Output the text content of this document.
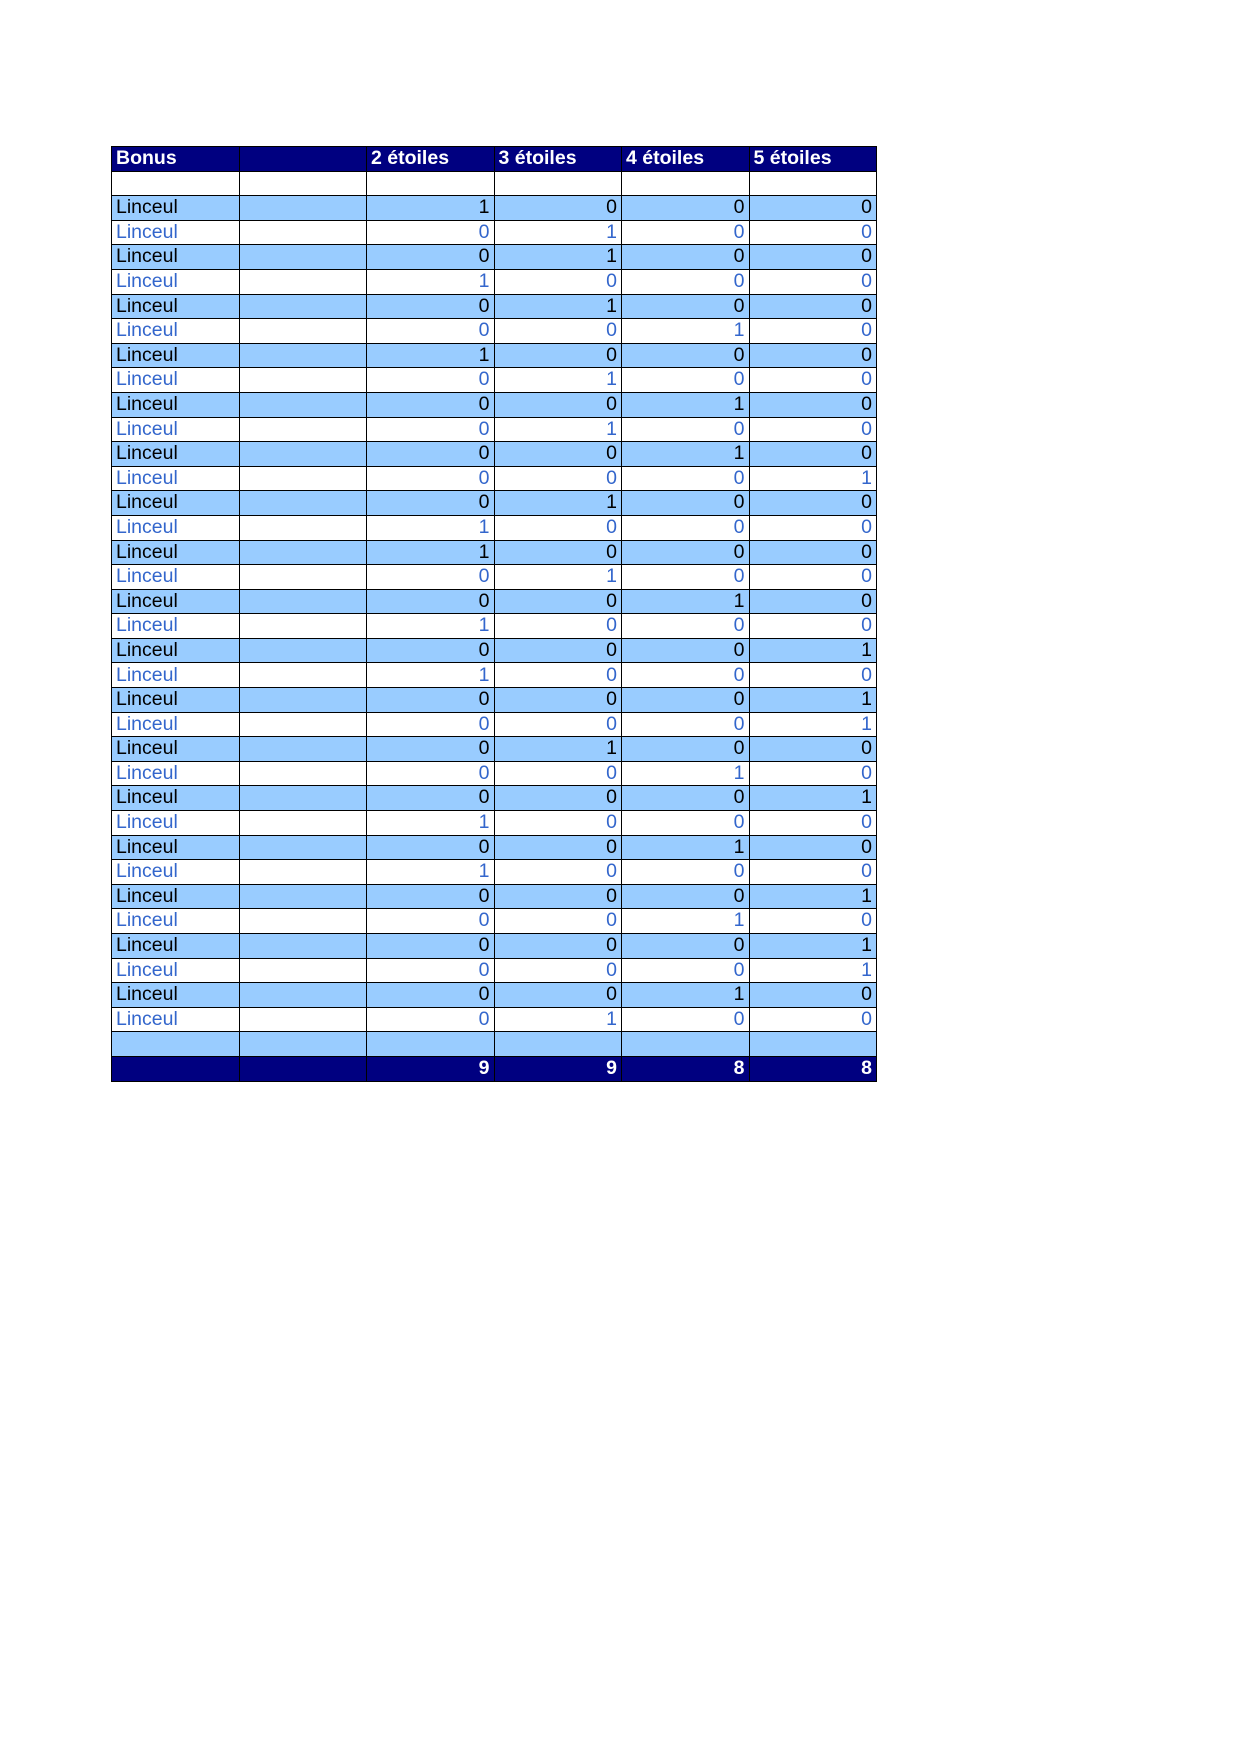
Bonus		2 étoiles	3 étoiles	4 étoiles	5 étoiles

Linceul		1	0	0	0
Linceul		0	1	0	0
Linceul		0	1	0	0
Linceul		1	0	0	0
Linceul		0	1	0	0
Linceul		0	0	1	0
Linceul		1	0	0	0
Linceul		0	1	0	0
Linceul		0	0	1	0
Linceul		0	1	0	0
Linceul		0	0	1	0
Linceul		0	0	0	1
Linceul		0	1	0	0
Linceul		1	0	0	0
Linceul		1	0	0	0
Linceul		0	1	0	0
Linceul		0	0	1	0
Linceul		1	0	0	0
Linceul		0	0	0	1
Linceul		1	0	0	0
Linceul		0	0	0	1
Linceul		0	0	0	1
Linceul		0	1	0	0
Linceul		0	0	1	0
Linceul		0	0	0	1
Linceul		1	0	0	0
Linceul		0	0	1	0
Linceul		1	0	0	0
Linceul		0	0	0	1
Linceul		0	0	1	0
Linceul		0	0	0	1
Linceul		0	0	0	1
Linceul		0	0	1	0
Linceul		0	1	0	0

		9	9	8	8
